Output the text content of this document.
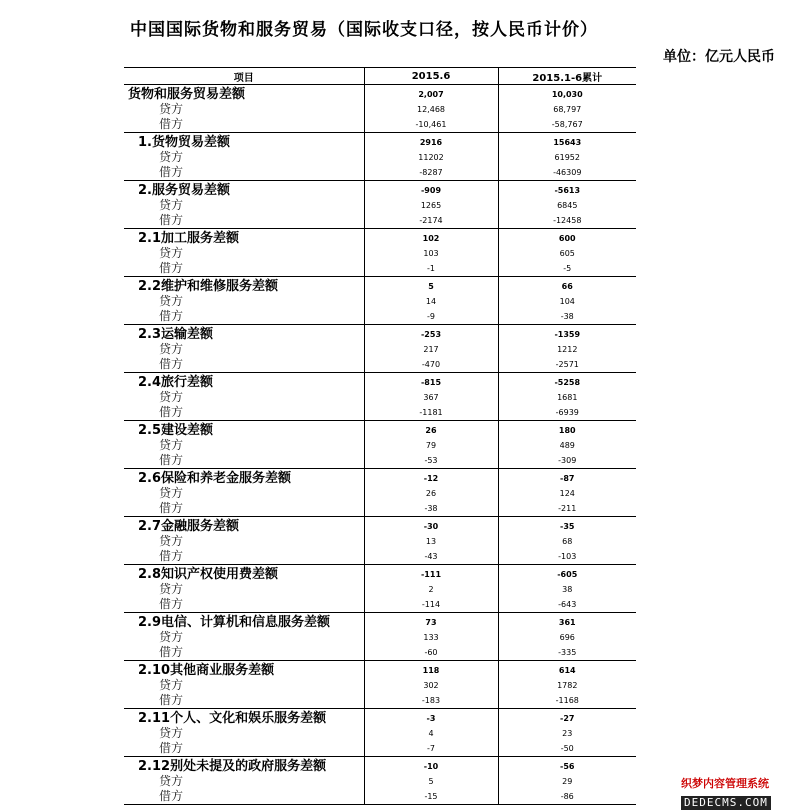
中国国际货物和服务贸易（国际收支口径，按人民币计价）
单位：亿元人民币
项目	2015.6	2015.1-6累计
货物和服务贸易差额	2,007	10,030
贷方	12,468	68,797
借方	-10,461	-58,767
1.货物贸易差额	2916	15643
贷方	11202	61952
借方	-8287	-46309
2.服务贸易差额	-909	-5613
贷方	1265	6845
借方	-2174	-12458
2.1加工服务差额	102	600
贷方	103	605
借方	-1	-5
2.2维护和维修服务差额	5	66
贷方	14	104
借方	-9	-38
2.3运输差额	-253	-1359
贷方	217	1212
借方	-470	-2571
2.4旅行差额	-815	-5258
贷方	367	1681
借方	-1181	-6939
2.5建设差额	26	180
贷方	79	489
借方	-53	-309
2.6保险和养老金服务差额	-12	-87
贷方	26	124
借方	-38	-211
2.7金融服务差额	-30	-35
贷方	13	68
借方	-43	-103
2.8知识产权使用费差额	-111	-605
贷方	2	38
借方	-114	-643
2.9电信、计算机和信息服务差额	73	361
贷方	133	696
借方	-60	-335
2.10其他商业服务差额	118	614
贷方	302	1782
借方	-183	-1168
2.11个人、文化和娱乐服务差额	-3	-27
贷方	4	23
借方	-7	-50
2.12别处未提及的政府服务差额	-10	-56
贷方	5	29
借方	-15	-86
织梦内容管理系统
DEDECMS.COM
